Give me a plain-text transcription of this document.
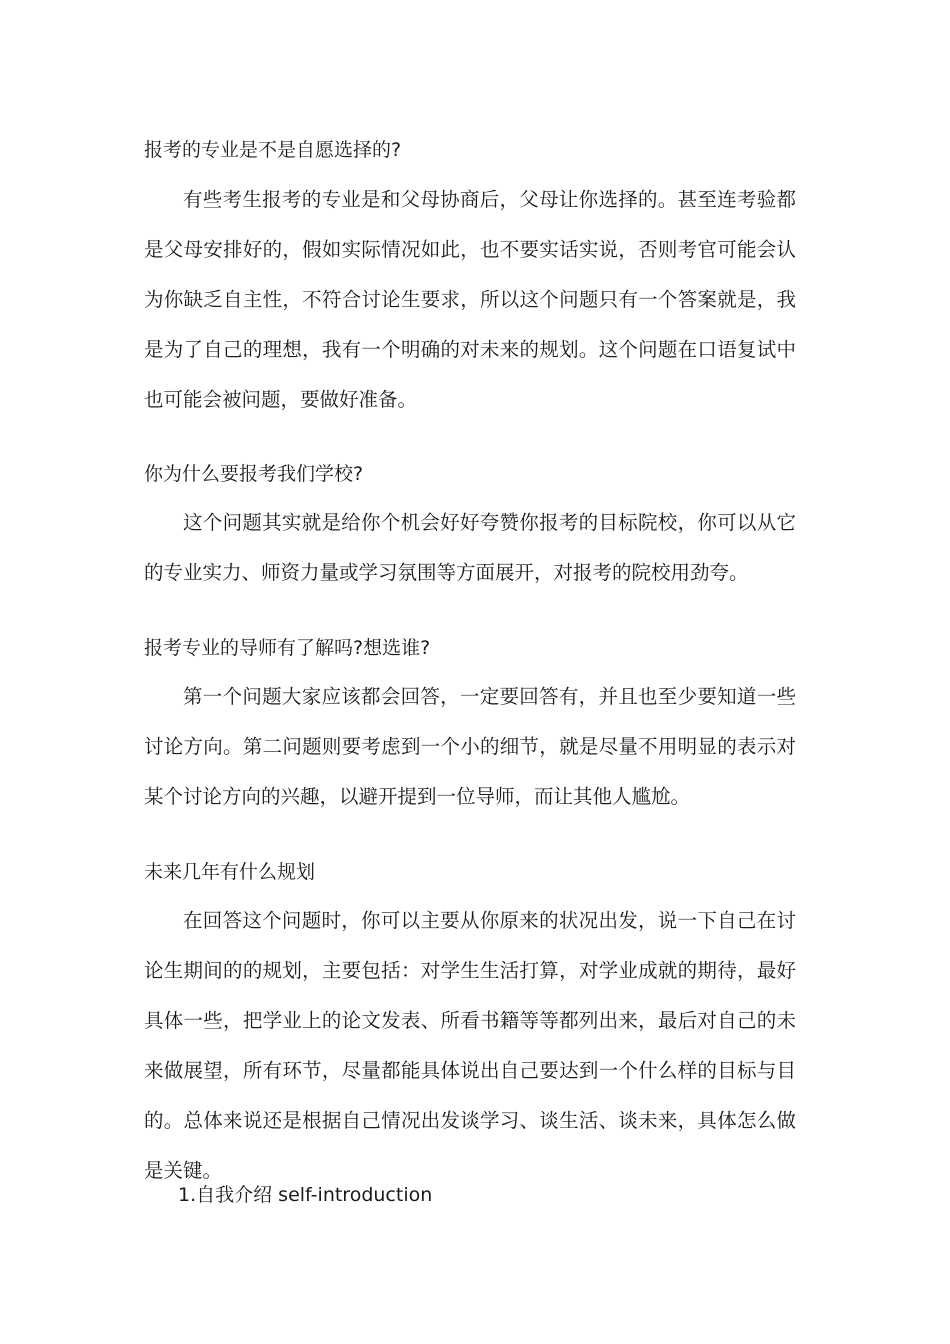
报考的专业是不是自愿选择的?

有些考生报考的专业是和父母协商后，父母让你选择的。甚至连考验都是父母安排好的，假如实际情况如此，也不要实话实说，否则考官可能会认为你缺乏自主性，不符合讨论生要求，所以这个问题只有一个答案就是，我是为了自己的理想，我有一个明确的对未来的规划。这个问题在口语复试中也可能会被问题，要做好准备。

你为什么要报考我们学校?

这个问题其实就是给你个机会好好夸赞你报考的目标院校，你可以从它的专业实力、师资力量或学习氛围等方面展开，对报考的院校用劲夸。

报考专业的导师有了解吗?想选谁?

第一个问题大家应该都会回答，一定要回答有，并且也至少要知道一些讨论方向。第二问题则要考虑到一个小的细节，就是尽量不用明显的表示对某个讨论方向的兴趣，以避开提到一位导师，而让其他人尴尬。

未来几年有什么规划

在回答这个问题时，你可以主要从你原来的状况出发，说一下自己在讨论生期间的的规划，主要包括：对学生生活打算，对学业成就的期待，最好具体一些，把学业上的论文发表、所看书籍等等都列出来，最后对自己的未来做展望，所有环节，尽量都能具体说出自己要达到一个什么样的目标与目的。总体来说还是根据自己情况出发谈学习、谈生活、谈未来，具体怎么做是关键。

1.自我介绍 self-introduction
